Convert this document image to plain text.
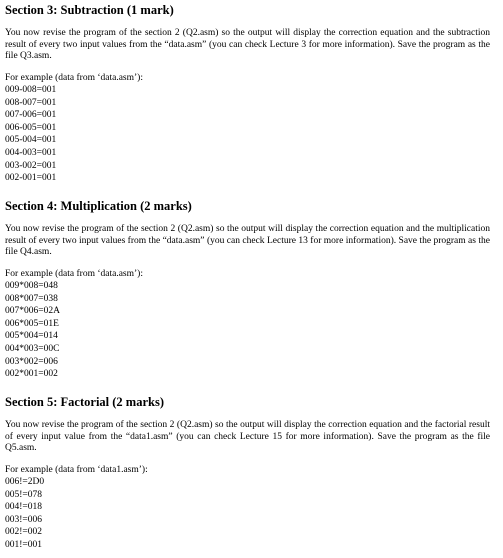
Section 3: Subtraction (1 mark)

You now revise the program of the section 2 (Q2.asm) so the output will display the correction equation and the subtraction result of every two input values from the “data.asm” (you can check Lecture 3 for more information). Save the program as the file Q3.asm.

For example (data from ‘data.asm’):

009-008=001
008-007=001
007-006=001
006-005=001
005-004=001
004-003=001
003-002=001
002-001=001
Section 4: Multiplication (2 marks)

You now revise the program of the section 2 (Q2.asm) so the output will display the correction equation and the multiplication result of every two input values from the “data.asm” (you can check Lecture 13 for more information). Save the program as the file Q4.asm.

For example (data from ‘data.asm’):

009*008=048
008*007=038
007*006=02A
006*005=01E
005*004=014
004*003=00C
003*002=006
002*001=002
Section 5: Factorial (2 marks)

You now revise the program of the section 2 (Q2.asm) so the output will display the correction equation and the factorial result of every input value from the “data1.asm” (you can check Lecture 15 for more information). Save the program as the file Q5.asm.

For example (data from ‘data1.asm’):

006!=2D0
005!=078
004!=018
003!=006
002!=002
001!=001
